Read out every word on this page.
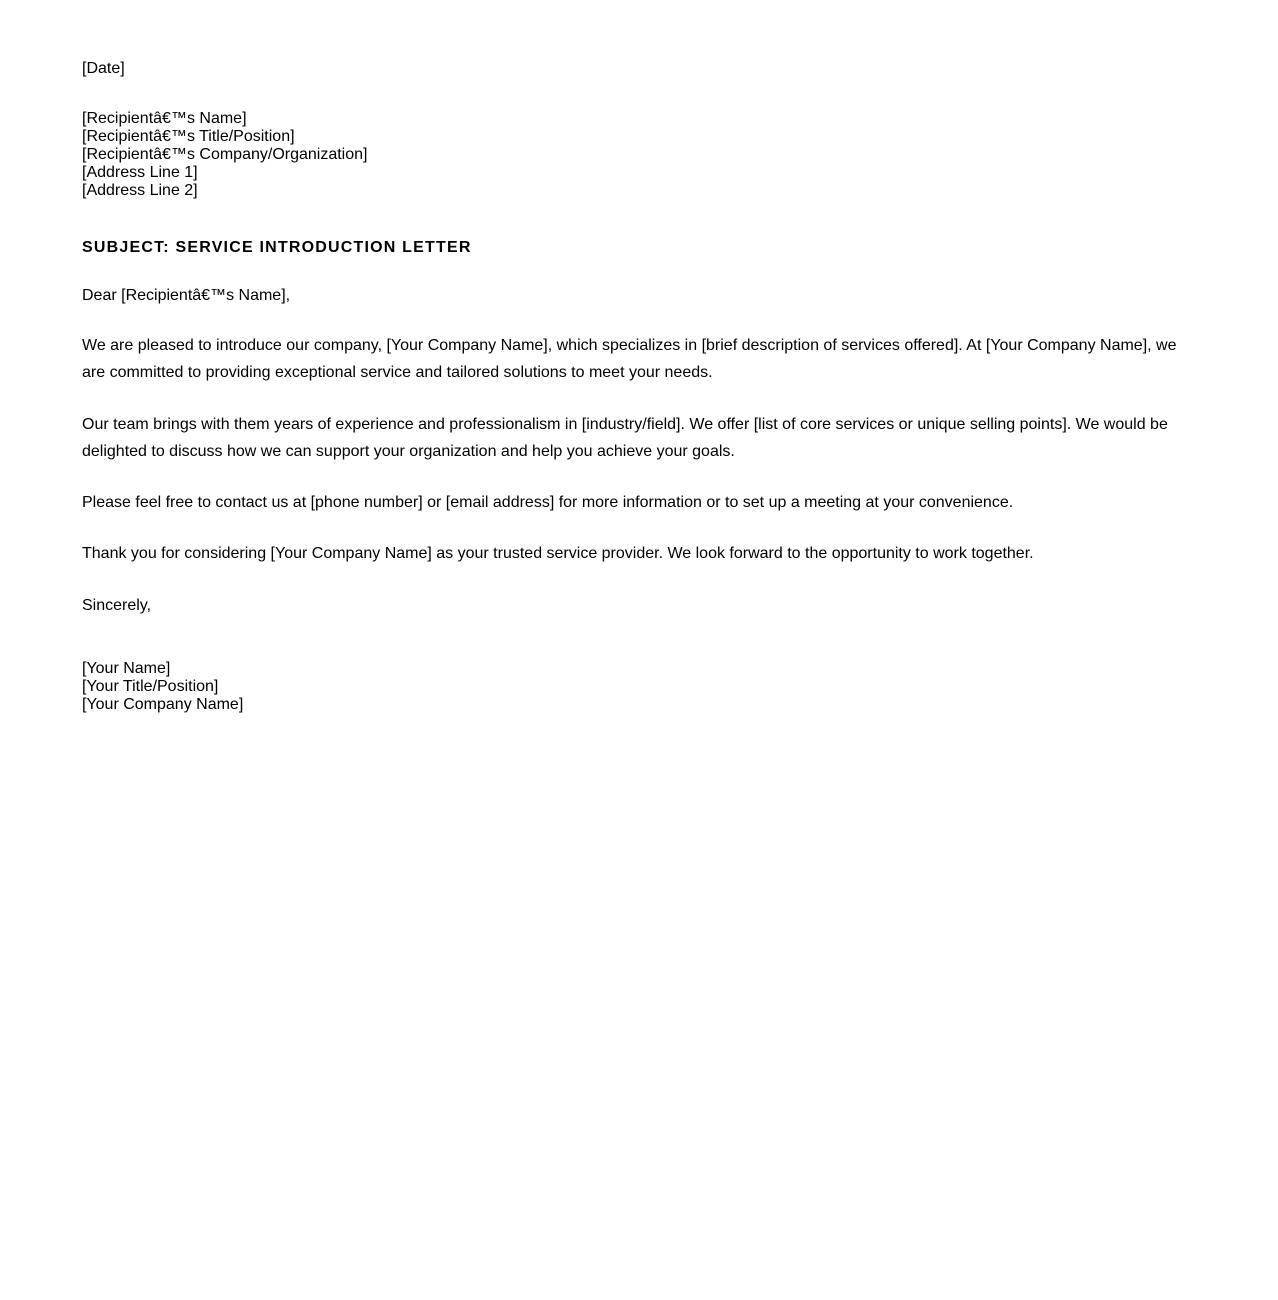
[Date]
[Recipientâ€™s Name]
[Recipientâ€™s Title/Position]
[Recipientâ€™s Company/Organization]
[Address Line 1]
[Address Line 2]
SUBJECT: SERVICE INTRODUCTION LETTER
Dear [Recipientâ€™s Name],
We are pleased to introduce our company, [Your Company Name], which specializes in [brief description of services offered]. At [Your Company Name], we are committed to providing exceptional service and tailored solutions to meet your needs.
Our team brings with them years of experience and professionalism in [industry/field]. We offer [list of core services or unique selling points]. We would be delighted to discuss how we can support your organization and help you achieve your goals.
Please feel free to contact us at [phone number] or [email address] for more information or to set up a meeting at your convenience.
Thank you for considering [Your Company Name] as your trusted service provider. We look forward to the opportunity to work together.
Sincerely,
[Your Name]
[Your Title/Position]
[Your Company Name]
